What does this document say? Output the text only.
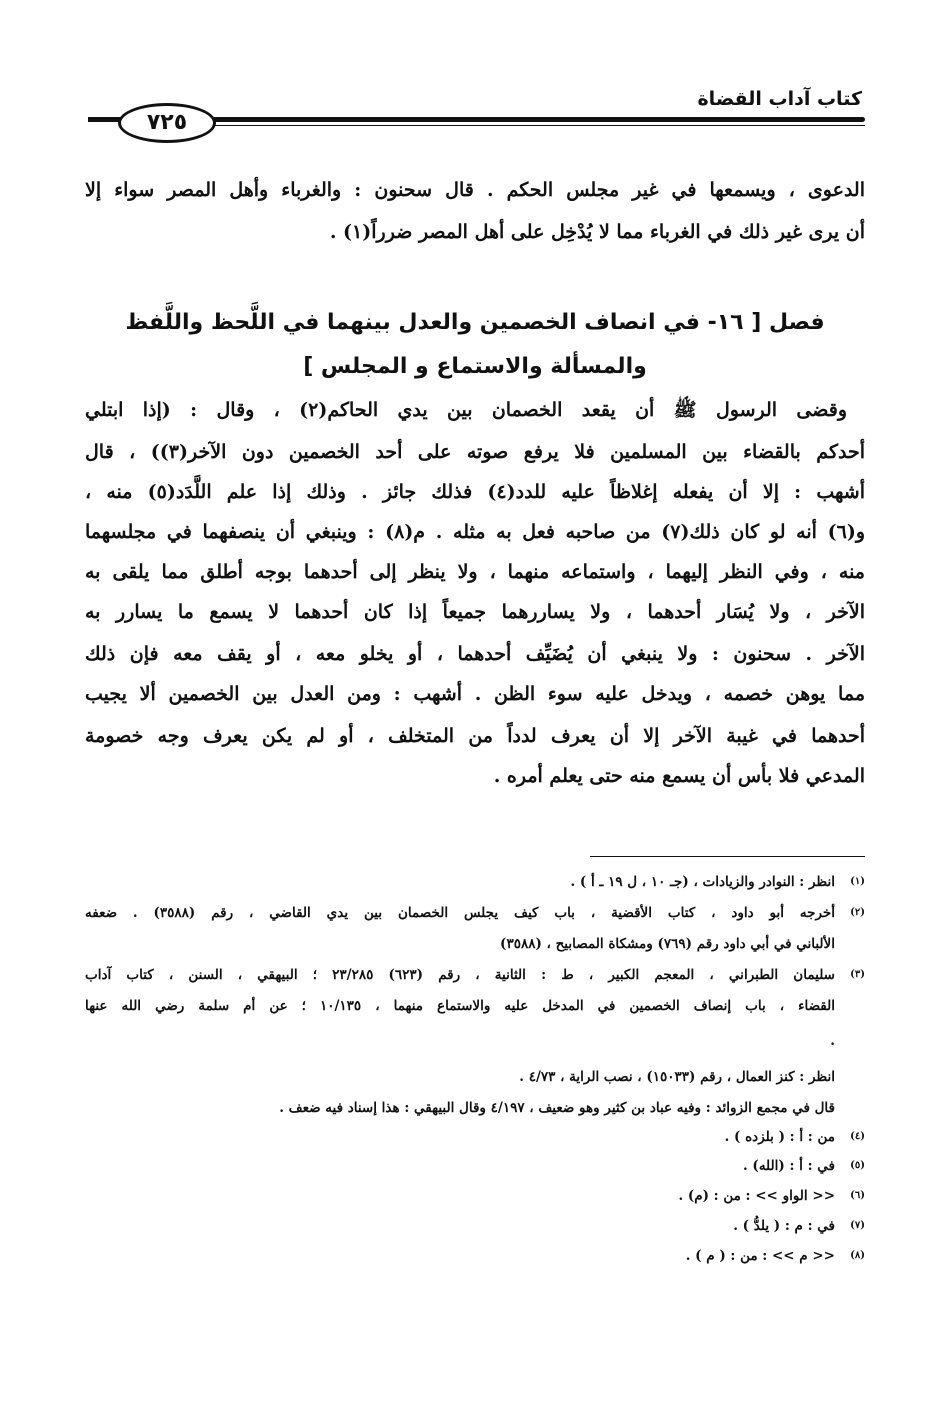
كتاب آداب القضاة
٧٢٥
الدعوى ، ويسمعها في غير مجلس الحكم . قال سحنون : والغرباء وأهل المصر سواء إلا
أن يرى غير ذلك في الغرباء مما لا يُدْخِل على أهل المصر ضرراً(١) .
فصل [ ١٦- في انصاف الخصمين والعدل بينهما في اللَّحظ واللَّفظ
والمسألة والاستماع و المجلس ]
وقضى الرسول ﷺ أن يقعد الخصمان بين يدي الحاكم(٢) ، وقال : (إذا ابتلي
أحدكم بالقضاء بين المسلمين فلا يرفع صوته على أحد الخصمين دون الآخر(٣)) ، قال
أشهب : إلا أن يفعله إغلاظاً عليه للدد(٤) فذلك جائز . وذلك إذا علم اللَّدَد(٥) منه ،
و(٦) أنه لو كان ذلك(٧) من صاحبه فعل به مثله . م(٨) : وينبغي أن ينصفهما في مجلسهما
منه ، وفي النظر إليهما ، واستماعه منهما ، ولا ينظر إلى أحدهما بوجه أطلق مما يلقى به
الآخر ، ولا يُسَار أحدهما ، ولا يساررهما جميعاً إذا كان أحدهما لا يسمع ما يسارر به
الآخر . سحنون : ولا ينبغي أن يُضَيِّف أحدهما ، أو يخلو معه ، أو يقف معه فإن ذلك
مما يوهن خصمه ، ويدخل عليه سوء الظن . أشهب : ومن العدل بين الخصمين ألا يجيب
أحدهما في غيبة الآخر إلا أن يعرف لدداً من المتخلف ، أو لم يكن يعرف وجه خصومة
المدعي فلا بأس أن يسمع منه حتى يعلم أمره .
(١)انظر : النوادر والزيادات ، (جـ ١٠ ، ل ١٩ ـ أ ) .
(٢)
أخرجه أبو داود ، كتاب الأقضية ، باب كيف يجلس الخصمان بين يدي القاضي ، رقم (٣٥٨٨) . ضعفه
الألباني في أبي داود رقم (٧٦٩) ومشكاة المصابيح ، (٣٥٨٨)
(٣)
سليمان الطبراني ، المعجم الكبير ، ط : الثانية ، رقم (٦٢٣) ٢٣/٢٨٥ ؛ البيهقي ، السنن ، كتاب آداب
القضاء ، باب إنصاف الخصمين في المدخل عليه والاستماع منهما ، ١٠/١٣٥ ؛ عن أم سلمة رضي الله عنها
.
انظر : كنز العمال ، رقم (١٥٠٣٣) ، نصب الراية ، ٤/٧٣ .
قال في مجمع الزوائد : وفيه عباد بن كثير وهو ضعيف ، ٤/١٩٧ وقال البيهقي : هذا إسناد فيه ضعف .
(٤)من : أ : ( بلزده ) .
(٥)في : أ : (الله) .
(٦)<< الواو >> : من : (م) .
(٧)في : م : ( يلدُّ ) .
(٨)<< م >> : من : ( م ) .
